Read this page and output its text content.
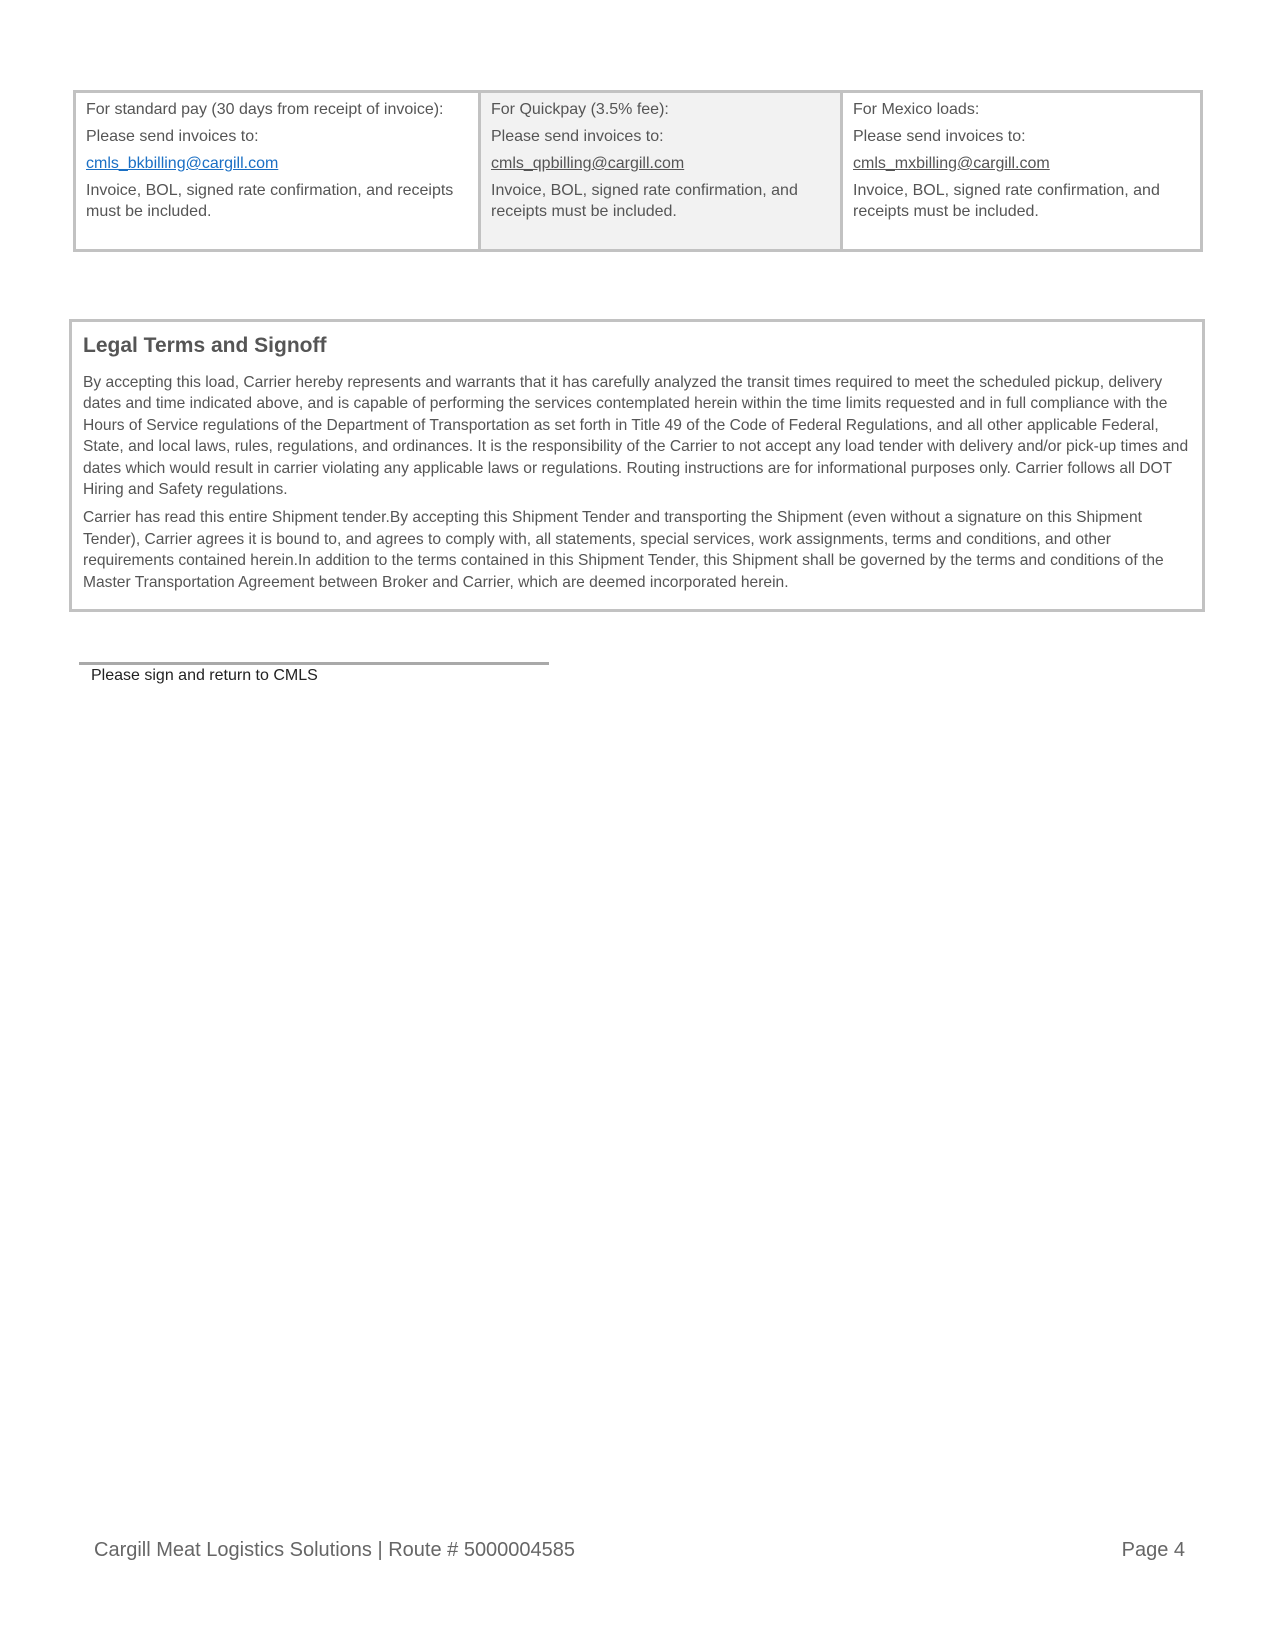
For standard pay (30 days from receipt of invoice):

Please send invoices to:

cmls_bkbilling@cargill.com

Invoice, BOL, signed rate confirmation, and receipts must be included.

For Quickpay (3.5% fee):

Please send invoices to:

cmls_qpbilling@cargill.com

Invoice, BOL, signed rate confirmation, and receipts must be included.

For Mexico loads:

Please send invoices to:

cmls_mxbilling@cargill.com

Invoice, BOL, signed rate confirmation, and receipts must be included.

Legal Terms and Signoff

By accepting this load, Carrier hereby represents and warrants that it has carefully analyzed the transit times required to meet the scheduled pickup, delivery dates and time indicated above, and is capable of performing the services contemplated herein within the time limits requested and in full compliance with the Hours of Service regulations of the Department of Transportation as set forth in Title 49 of the Code of Federal Regulations, and all other applicable Federal, State, and local laws, rules, regulations, and ordinances. It is the responsibility of the Carrier to not accept any load tender with delivery and/or pick-up times and dates which would result in carrier violating any applicable laws or regulations. Routing instructions are for informational purposes only. Carrier follows all DOT Hiring and Safety regulations.

Carrier has read this entire Shipment tender.By accepting this Shipment Tender and transporting the Shipment (even without a signature on this Shipment Tender), Carrier agrees it is bound to, and agrees to comply with, all statements, special services, work assignments, terms and conditions, and other requirements contained herein.In addition to the terms contained in this Shipment Tender, this Shipment shall be governed by the terms and conditions of the Master Transportation Agreement between Broker and Carrier, which are deemed incorporated herein.

Please sign and return to CMLS
Cargill Meat Logistics Solutions | Route # 5000004585	Page 4
